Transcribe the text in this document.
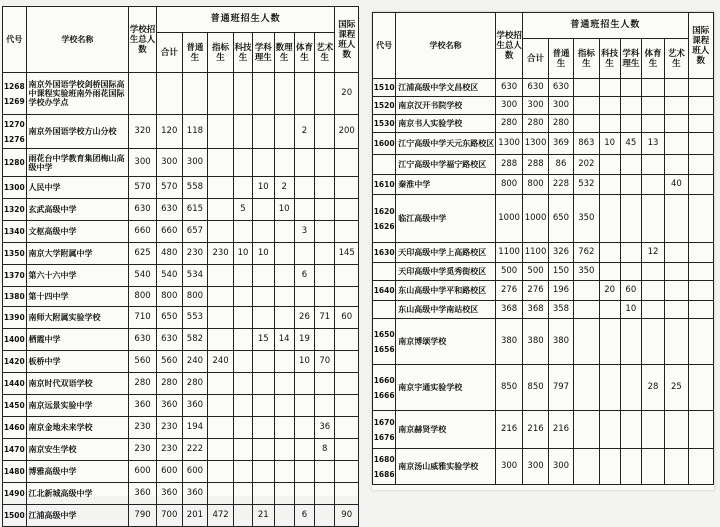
代号	学校名称	学校招生总人数	普通班招生人数								国际课程班人数
			合计	普通生	指标生	科技生	学科理生	数理生	体育生	艺术生	

1268
1269	南京外国语学校剑桥国际高中课程实验班南外雨花国际学校办学点										20

1270
1276	南京外国语学校方山分校	320	120	118					2		200

1280	雨花台中学教育集团梅山高级中学	300	300	300							

1300	人民中学	570	570	558			10	2			

1320	玄武高级中学	630	630	615		5		10			

1340	文枢高级中学	660	660	657					3		

1350	南京大学附属中学	625	480	230	230	10	10				145

1370	第六十六中学	540	540	534					6		

1380	第十四中学	800	800	800							

1390	南师大附属实验学校	710	650	553					26	71	60

1400	栖霞中学	630	630	582			15	14	19		

1420	板桥中学	560	560	240	240				10	70	

1440	南京时代双语学校	280	280	280							

1450	南京远景实验中学	360	360	360							

1460	南京金地未来学校	230	230	194						36	

1470	南京安生学校	230	230	222						8	

1480	博雅高级中学	600	600	600							

1490	江北新城高级中学	360	360	360							

1500	江浦高级中学	790	700	201	472		21		6		90
代号	学校名称	学校招生总人数	普通班招生人数							国际课程班人数
			合计	普通生	指标生	科技生	学科理生	体育生	艺术生	

1510	江浦高级中学文昌校区	630	630	630						

1520	南京汉开书院学校	300	300	300						

1530	南京书人实验学校	280	280	280						

1600	江宁高级中学天元东路校区	1300	1300	369	863	10	45	13		

	江宁高级中学福宁路校区	288	288	86	202					

1610	秦淮中学	800	800	228	532				40	

1620
1626	临江高级中学	1000	1000	650	350					

1630	天印高级中学上高路校区	1100	1100	326	762			12		

	天印高级中学觅秀街校区	500	500	150	350					

1640	东山高级中学平和路校区	276	276	196		20	60			

	东山高级中学南站校区	368	368	358			10			

1650
1656	南京博颂学校	380	380	380						

1660
1666	南京宇通实验学校	850	850	797				28	25	

1670
1676	南京赫贤学校	216	216	216						

1680
1686	南京汤山威雅实验学校	300	300	300						
